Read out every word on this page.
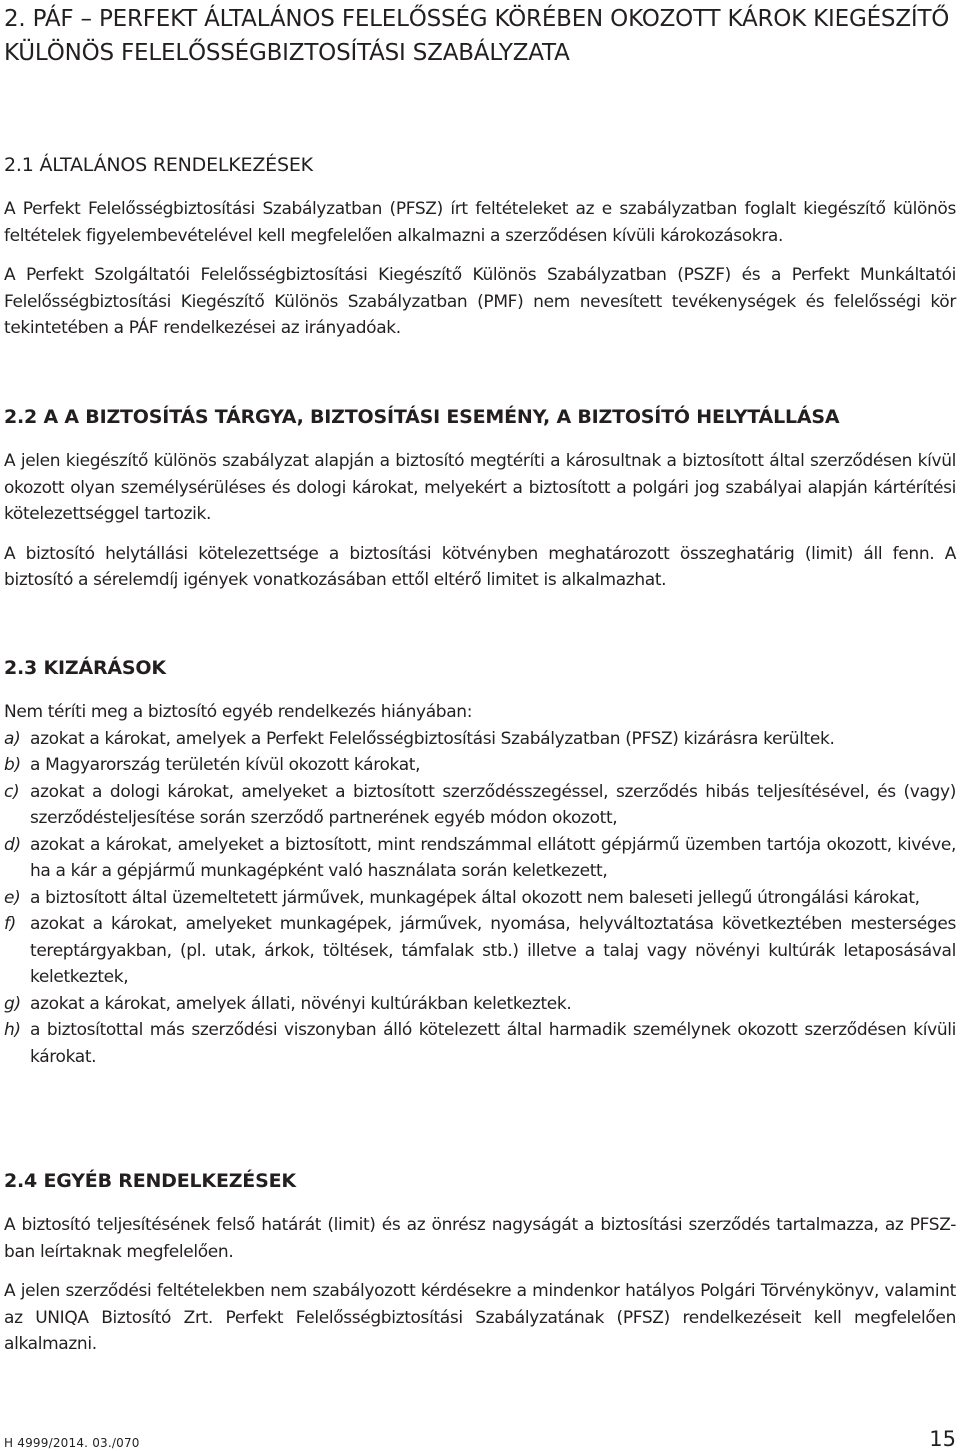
2. PÁF – PERFEKT ÁLTALÁNOS FELELŐSSÉG KÖRÉBEN OKOZOTT KÁROK KIEGÉSZÍTŐ KÜLÖNÖS FELELŐSSÉGBIZTOSÍTÁSI SZABÁLYZATA
2.1 ÁLTALÁNOS RENDELKEZÉSEK

A Perfekt Felelősségbiztosítási Szabályzatban (PFSZ) írt feltételeket az e szabályzatban foglalt kiegészítő különös feltételek figyelembevételével kell megfelelően alkalmazni a szerződésen kívüli károkozásokra.

A Perfekt Szolgáltatói Felelősségbiztosítási Kiegészítő Különös Szabályzatban (PSZF) és a Perfekt Munkáltatói Felelősségbiztosítási Kiegészítő Különös Szabályzatban (PMF) nem nevesített tevékenységek és felelősségi kör tekintetében a PÁF rendelkezései az irányadóak.

2.2 A A BIZTOSÍTÁS TÁRGYA, BIZTOSÍTÁSI ESEMÉNY, A BIZTOSÍTÓ HELYTÁLLÁSA

A jelen kiegészítő különös szabályzat alapján a biztosító megtéríti a károsultnak a biztosított által szerződésen kívül okozott olyan személysérüléses és dologi károkat, melyekért a biztosított a polgári jog szabályai alapján kártérítési kötelezettséggel tartozik.

A biztosító helytállási kötelezettsége a biztosítási kötvényben meghatározott összeghatárig (limit) áll fenn. A biztosító a sérelemdíj igények vonatkozásában ettől eltérő limitet is alkalmazhat.

2.3 KIZÁRÁSOK

Nem téríti meg a biztosító egyéb rendelkezés hiányában:

a) azokat a károkat, amelyek a Perfekt Felelősségbiztosítási Szabályzatban (PFSZ) kizárásra kerültek.
b) a Magyarország területén kívül okozott károkat,
c) azokat a dologi károkat, amelyeket a biztosított szerződésszegéssel, szerződés hibás teljesítésével, és (vagy) szerződésteljesítése során szerződő partnerének egyéb módon okozott,
d) azokat a károkat, amelyeket a biztosított, mint rendszámmal ellátott gépjármű üzemben tartója okozott, kivéve, ha a kár a gépjármű munkagépként való használata során keletkezett,
e) a biztosított által üzemeltetett járművek, munkagépek által okozott nem baleseti jellegű útrongálási károkat,
f) azokat a károkat, amelyeket munkagépek, járművek, nyomása, helyváltoztatása következtében mesterséges tereptárgyakban, (pl. utak, árkok, töltések, támfalak stb.) illetve a talaj vagy növényi kultúrák letaposásával keletkeztek,
g) azokat a károkat, amelyek állati, növényi kultúrákban keletkeztek.
h) a biztosítottal más szerződési viszonyban álló kötelezett által harmadik személynek okozott szerződésen kívüli károkat.
2.4 EGYÉB RENDELKEZÉSEK

A biztosító teljesítésének felső határát (limit) és az önrész nagyságát a biztosítási szerződés tartalmazza, az PFSZ-ban leírtaknak megfelelően.

A jelen szerződési feltételekben nem szabályozott kérdésekre a mindenkor hatályos Polgári Törvénykönyv, valamint az UNIQA Biztosító Zrt. Perfekt Felelősségbiztosítási Szabályzatának (PFSZ) rendelkezéseit kell megfelelően alkalmazni.

H 4999/2014. 03./070	15
